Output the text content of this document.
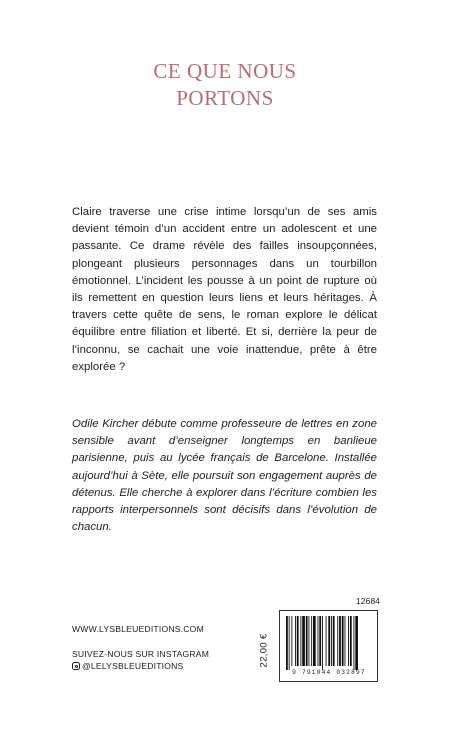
CE QUE NOUS
PORTONS

Claire traverse une crise intime lorsqu’un de ses amis devient témoin d’un accident entre un adolescent et une passante. Ce drame révèle des failles insoupçonnées, plongeant plusieurs personnages dans un tourbillon émotionnel. L’incident les pousse à un point de rupture où ils remettent en question leurs liens et leurs héritages. À travers cette quête de sens, le roman explore le délicat équilibre entre filiation et liberté. Et si, derrière la peur de l’inconnu, se cachait une voie inattendue, prête à être explorée ?

Odile Kircher débute comme professeure de lettres en zone sensible avant d’enseigner longtemps en banlieue parisienne, puis au lycée français de Barcelone. Installée aujourd’hui à Sète, elle poursuit son engagement auprès de détenus. Elle cherche à explorer dans l’écriture combien les rapports interpersonnels sont décisifs dans l’évolution de chacun.

WWW.LYSBLEUEDITIONS.COM
SUIVEZ-NOUS SUR INSTAGRAM
@LELYSBLEUEDITIONS
12684
22,00 €
9 791044 032897
